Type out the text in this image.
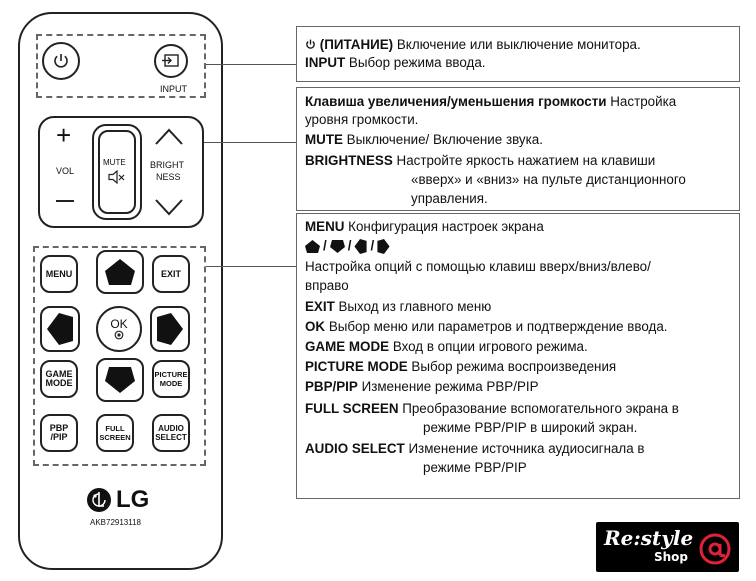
INPUT
+
VOL
MUTE	BRIGHT
NESS
MENU	EXIT
OK
GAME
MODE
PICTURE
MODE
PBP
/PIP
FULL
SCREEN
AUDIO
SELECT
LG
AKB72913118
(ПИТАНИЕ) Включение или выключение монитора.
INPUT Выбор режима ввода.
Клавиша увеличения/уменьшения громкости Настройка
уровня громкости.
MUTE Выключение/ Включение звука.
BRIGHTNESS Настройте яркость нажатием на клавиши
«вверх» и «вниз» на пульте дистанционного
управления.
MENU Конфигурация настроек экрана
/ / /
Настройка опций с помощью клавиш вверх/вниз/влево/
вправо
EXIT Выход из главного меню
OK Выбор меню или параметров и подтверждение ввода.
GAME MODE Вход в опции игрового режима.
PICTURE MODE Выбор режима воспроизведения
PBP/PIP Изменение режима PBP/PIP
FULL SCREEN Преобразование вспомогательного экрана в
режиме PBP/PIP в широкий экран.
AUDIO SELECT Изменение источника аудиосигнала в
режиме PBP/PIP
Re:style
Shop
